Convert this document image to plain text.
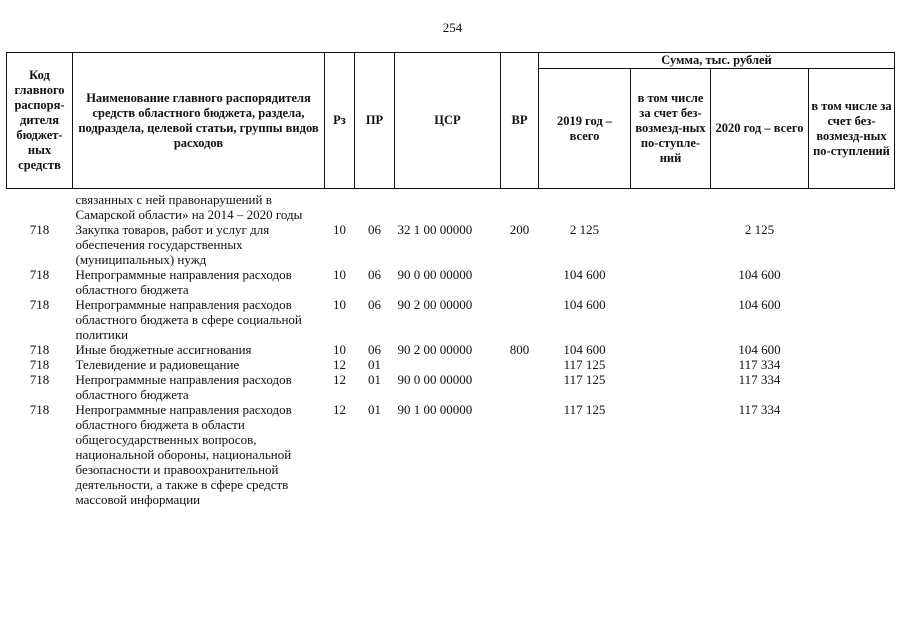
254
Код главного распоря-дителя бюджет-ных средств	Наименование главного распорядителя средств областного бюджета, раздела, подраздела, целевой статьи, группы видов расходов	Рз	ПР	ЦСР	ВР	Сумма, тыс. рублей			
						2019 год – всего	в том числе за счет без-возмезд-ных по-ступле-ний	2020 год – всего	в том числе за счет без-возмезд-ных по-ступлений
	связанных с ней правонарушений в Самарской области» на 2014 – 2020 годы								
718	Закупка товаров, работ и услуг для обеспечения государственных (муниципальных) нужд	10	06	32 1 00 00000	200	2 125		2 125	
718	Непрограммные направления расходов областного бюджета	10	06	90 0 00 00000		104 600		104 600	
718	Непрограммные направления расходов областного бюджета в сфере социальной политики	10	06	90 2 00 00000		104 600		104 600	
718	Иные бюджетные ассигнования	10	06	90 2 00 00000	800	104 600		104 600	
718	Телевидение и радиовещание	12	01			117 125		117 334	
718	Непрограммные направления расходов областного бюджета	12	01	90 0 00 00000		117 125		117 334	
718	Непрограммные направления расходов областного бюджета в области общегосударственных вопросов, национальной обороны, национальной безопасности и правоохранительной деятельности, а также в сфере средств массовой информации	12	01	90 1 00 00000		117 125		117 334	
